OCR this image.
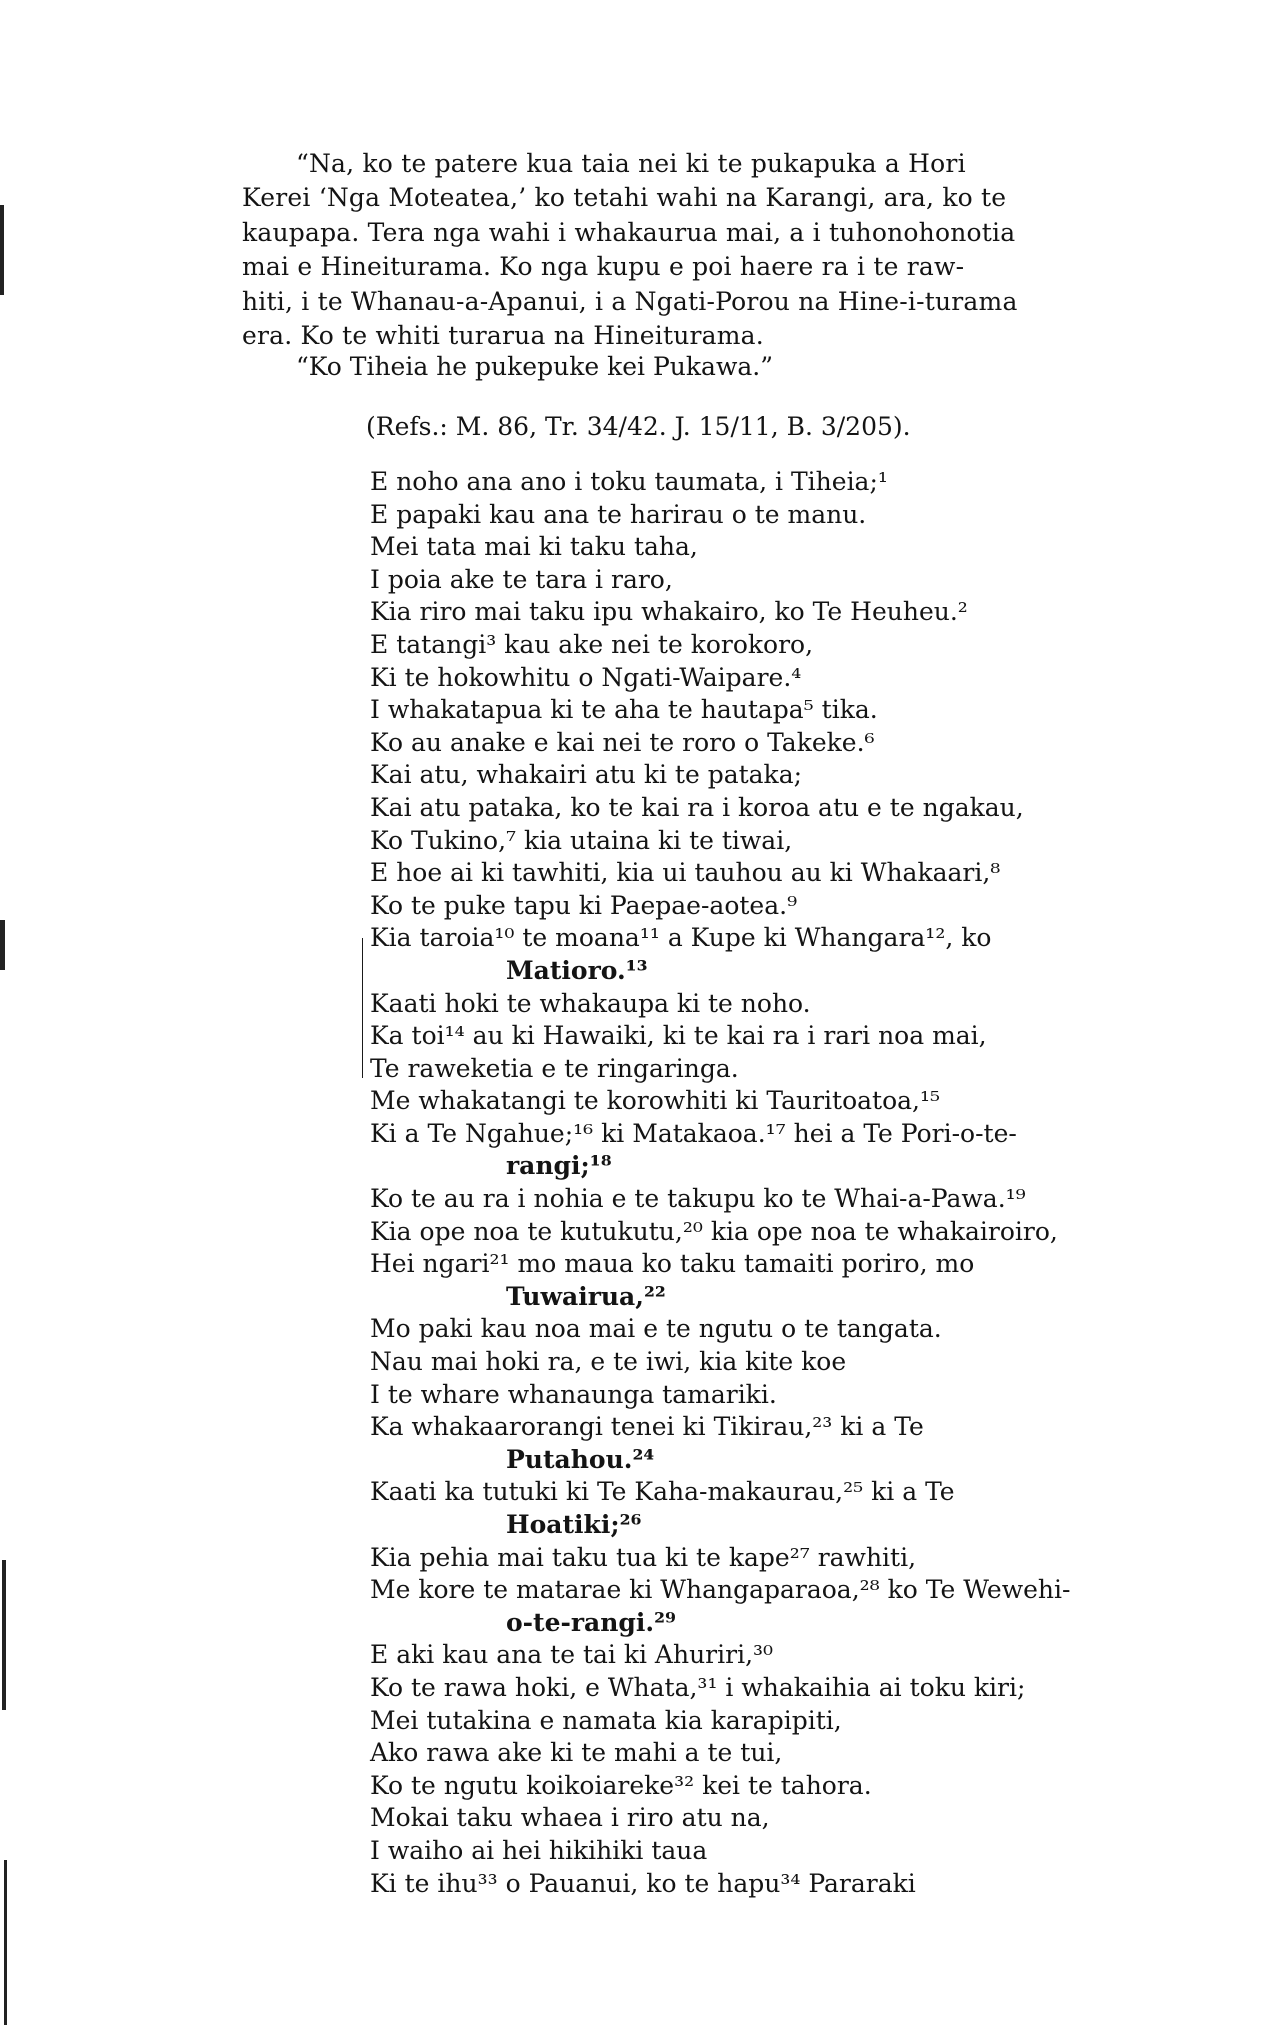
“Na, ko te patere kua taia nei ki te pukapuka a Hori
Kerei ‘Nga Moteatea,’ ko tetahi wahi na Karangi, ara, ko te
kaupapa. Tera nga wahi i whakaurua mai, a i tuhonohonotia
mai e Hineiturama. Ko nga kupu e poi haere ra i te raw-
hiti, i te Whanau-a-Apanui, i a Ngati-Porou na Hine-i-turama
era. Ko te whiti turarua na Hineiturama.
“Ko Tiheia he pukepuke kei Pukawa.”
(Refs.: M. 86, Tr. 34/42. J. 15/11, B. 3/205).
E noho ana ano i toku taumata, i Tiheia;¹
E papaki kau ana te harirau o te manu.
Mei tata mai ki taku taha,
I poia ake te tara i raro,
Kia riro mai taku ipu whakairo, ko Te Heuheu.²
E tatangi³ kau ake nei te korokoro,
Ki te hokowhitu o Ngati-Waipare.⁴
I whakatapua ki te aha te hautapa⁵ tika.
Ko au anake e kai nei te roro o Takeke.⁶
Kai atu, whakairi atu ki te pataka;
Kai atu pataka, ko te kai ra i koroa atu e te ngakau,
Ko Tukino,⁷ kia utaina ki te tiwai,
E hoe ai ki tawhiti, kia ui tauhou au ki Whakaari,⁸
Ko te puke tapu ki Paepae-aotea.⁹
Kia taroia¹⁰ te moana¹¹ a Kupe ki Whangara¹², ko
Matioro.¹³
Kaati hoki te whakaupa ki te noho.
Ka toi¹⁴ au ki Hawaiki, ki te kai ra i rari noa mai,
Te raweketia e te ringaringa.
Me whakatangi te korowhiti ki Tauritoatoa,¹⁵
Ki a Te Ngahue;¹⁶ ki Matakaoa.¹⁷ hei a Te Pori-o-te-
rangi;¹⁸
Ko te au ra i nohia e te takupu ko te Whai-a-Pawa.¹⁹
Kia ope noa te kutukutu,²⁰ kia ope noa te whakairoiro,
Hei ngari²¹ mo maua ko taku tamaiti poriro, mo
Tuwairua,²²
Mo paki kau noa mai e te ngutu o te tangata.
Nau mai hoki ra, e te iwi, kia kite koe
I te whare whanaunga tamariki.
Ka whakaarorangi tenei ki Tikirau,²³ ki a Te
Putahou.²⁴
Kaati ka tutuki ki Te Kaha-makaurau,²⁵ ki a Te
Hoatiki;²⁶
Kia pehia mai taku tua ki te kape²⁷ rawhiti,
Me kore te matarae ki Whangaparaoa,²⁸ ko Te Wewehi-
o-te-rangi.²⁹
E aki kau ana te tai ki Ahuriri,³⁰
Ko te rawa hoki, e Whata,³¹ i whakaihia ai toku kiri;
Mei tutakina e namata kia karapipiti,
Ako rawa ake ki te mahi a te tui,
Ko te ngutu koikoiareke³² kei te tahora.
Mokai taku whaea i riro atu na,
I waiho ai hei hikihiki taua
Ki te ihu³³ o Pauanui, ko te hapu³⁴ Pararaki
